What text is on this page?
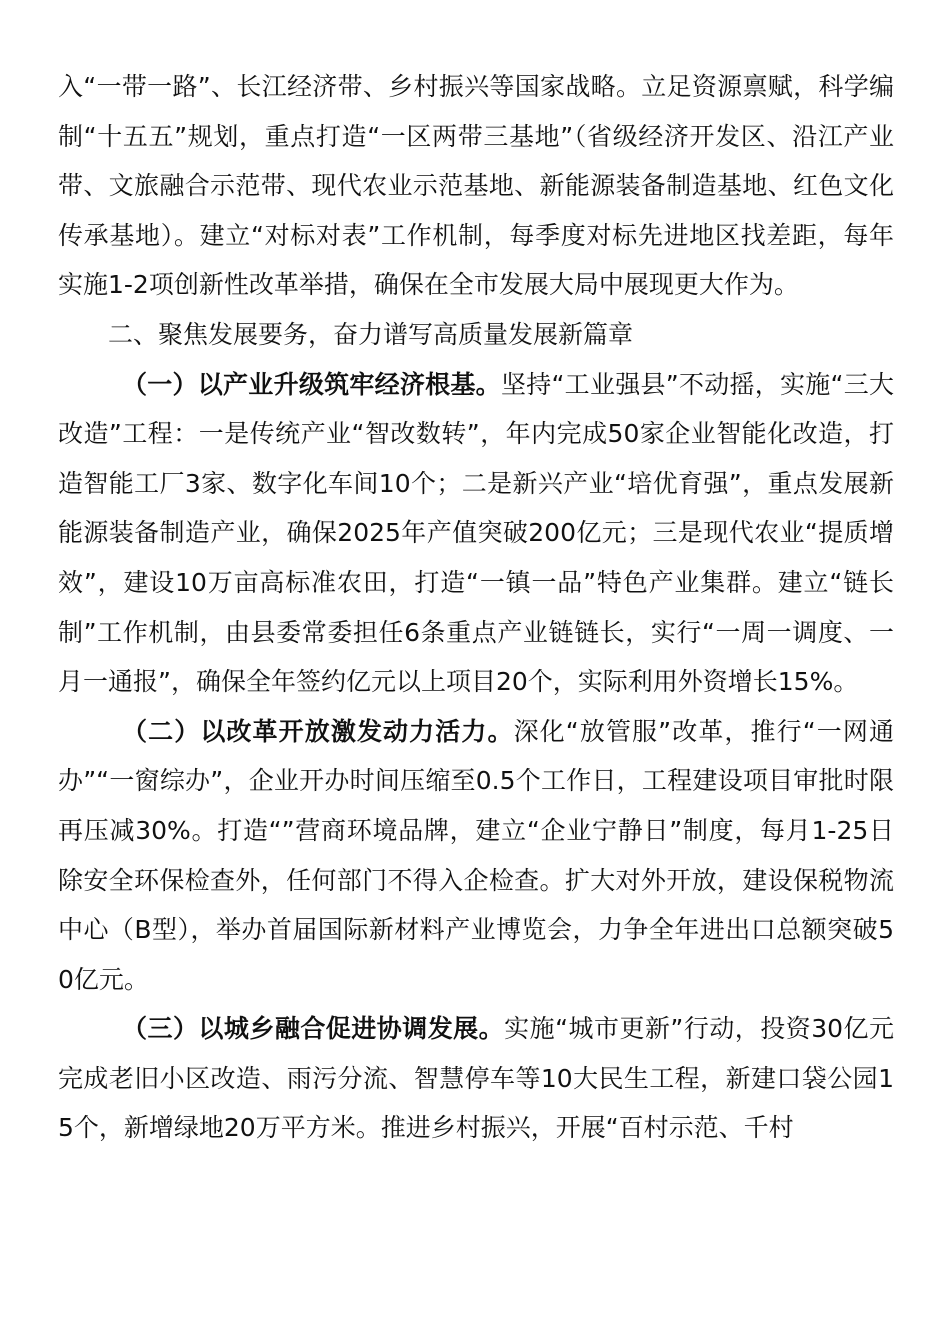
入“一带一路”、长江经济带、乡村振兴等国家战略。立足资源禀赋，科学编制“十五五”规划，重点打造“一区两带三基地”（省级经济开发区、沿江产业带、文旅融合示范带、现代农业示范基地、新能源装备制造基地、红色文化传承基地）。建立“对标对表”工作机制，每季度对标先进地区找差距，每年实施1-2项创新性改革举措，确保在全市发展大局中展现更大作为。

二、聚焦发展要务，奋力谱写高质量发展新篇章

（一）以产业升级筑牢经济根基。坚持“工业强县”不动摇，实施“三大改造”工程：一是传统产业“智改数转”，年内完成50家企业智能化改造，打造智能工厂3家、数字化车间10个；二是新兴产业“培优育强”，重点发展新能源装备制造产业，确保2025年产值突破200亿元；三是现代农业“提质增效”，建设10万亩高标准农田，打造“一镇一品”特色产业集群。建立“链长制”工作机制，由县委常委担任6条重点产业链链长，实行“一周一调度、一月一通报”，确保全年签约亿元以上项目20个，实际利用外资增长15%。

（二）以改革开放激发动力活力。深化“放管服”改革，推行“一网通办”“一窗综办”，企业开办时间压缩至0.5个工作日，工程建设项目审批时限再压减30%。打造“”营商环境品牌，建立“企业宁静日”制度，每月1-25日除安全环保检查外，任何部门不得入企检查。扩大对外开放，建设保税物流中心（B型），举办首届国际新材料产业博览会，力争全年进出口总额突破50亿元。

（三）以城乡融合促进协调发展。实施“城市更新”行动，投资30亿元完成老旧小区改造、雨污分流、智慧停车等10大民生工程，新建口袋公园15个，新增绿地20万平方米。推进乡村振兴，开展“百村示范、千村
